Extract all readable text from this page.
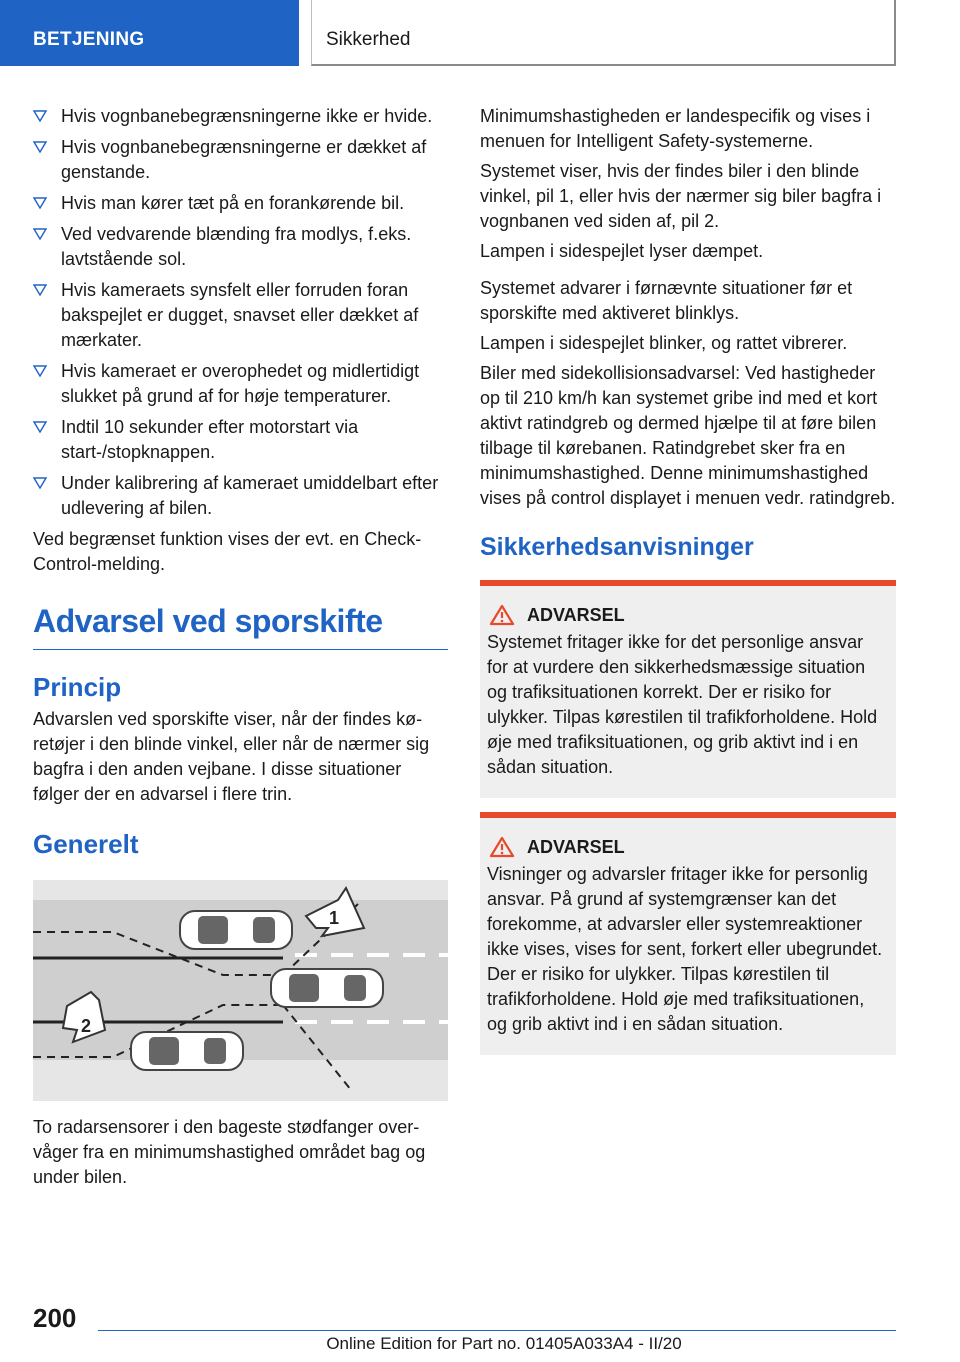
BETJENING	Sikkerhed
Hvis vognbanebegrænsningerne ikke er hvide.
Hvis vognbanebegrænsningerne er dækket af genstande.
Hvis man kører tæt på en forankørende bil.
Ved vedvarende blænding fra modlys, f.eks. lavtstående sol.
Hvis kameraets synsfelt eller forruden foran bakspejlet er dugget, snavset eller dækket af mærkater.
Hvis kameraet er overophedet og midlertidigt slukket på grund af for høje temperaturer.
Indtil 10 sekunder efter motorstart via start-/stopknappen.
Under kalibrering af kameraet umiddelbart efter udlevering af bilen.

Ved begrænset funktion vises der evt. en Check-Control-melding.

Advarsel ved sporskifte
Princip

Advarslen ved sporskifte viser, når der findes køretøjer i den blinde vinkel, eller når de nærmer sig bagfra i den anden vejbane. I disse situationer følger der en advarsel i flere trin.

Generelt
1
2

To radarsensorer i den bageste stødfanger overvåger fra en minimumshastighed området bag og under bilen.

Minimumshastigheden er landespecifik og vises i menuen for Intelligent Safety-systemerne.

Systemet viser, hvis der findes biler i den blinde vinkel, pil 1, eller hvis der nærmer sig biler bagfra i vognbanen ved siden af, pil 2.

Lampen i sidespejlet lyser dæmpet.

Systemet advarer i førnævnte situationer før et sporskifte med aktiveret blinklys.

Lampen i sidespejlet blinker, og rattet vibrerer.

Biler med sidekollisionsadvarsel: Ved hastigheder op til 210 km/h kan systemet gribe ind med et kort aktivt ratindgreb og dermed hjælpe til at føre bilen tilbage til kørebanen. Ratindgrebet sker fra en minimumshastighed. Denne minimumshastighed vises på control displayet i menuen vedr. ratindgreb.

Sikkerhedsanvisninger
ADVARSEL

Systemet fritager ikke for det personlige ansvar for at vurdere den sikkerhedsmæssige situation og trafiksituationen korrekt. Der er risiko for ulykker. Tilpas kørestilen til trafikforholdene. Hold øje med trafiksituationen, og grib aktivt ind i en sådan situation.

ADVARSEL

Visninger og advarsler fritager ikke for personlig ansvar. På grund af systemgrænser kan det forekomme, at advarsler eller systemreaktioner ikke vises, vises for sent, forkert eller ubegrundet. Der er risiko for ulykker. Tilpas kørestilen til trafikforholdene. Hold øje med trafiksituationen, og grib aktivt ind i en sådan situation.

200
Online Edition for Part no. 01405A033A4 - II/20
